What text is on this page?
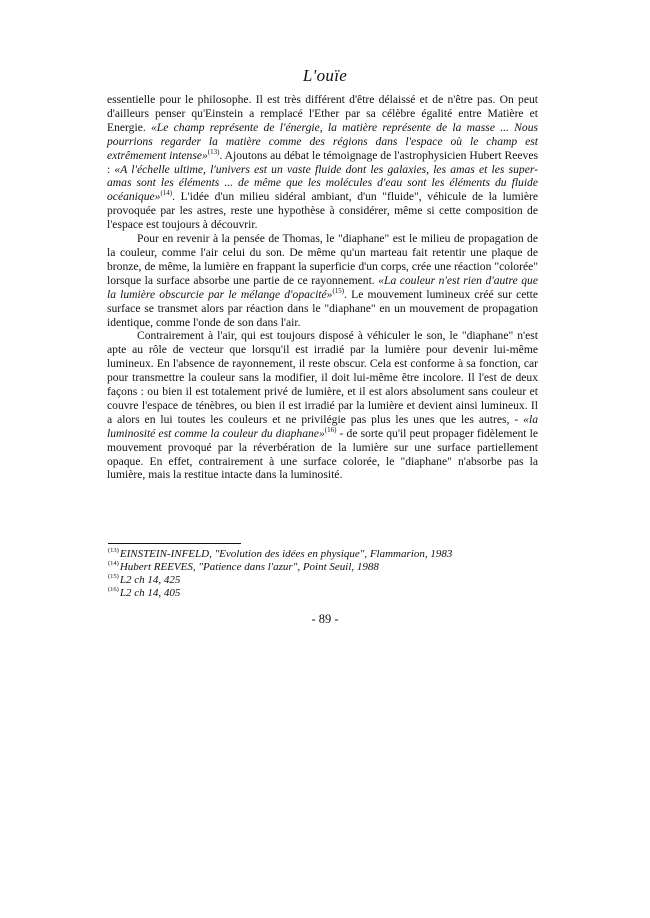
L'ouïe

essentielle pour le philosophe. Il est très différent d'être délaissé et de n'être pas. On peut d'ailleurs penser qu'Einstein a remplacé l'Ether par sa célèbre égalité entre Matière et Energie. «Le champ représente de l'énergie, la matière représente de la masse ... Nous pourrions regarder la matière comme des régions dans l'espace où le champ est extrêmement intense»$^{(13)}$. Ajoutons au débat le témoignage de l'astrophysicien Hubert Reeves : «A l'échelle ultime, l'univers est un vaste fluide dont les galaxies, les amas et les super-amas sont les éléments ... de même que les molécules d'eau sont les éléments du fluide océanique»$^{(14)}$. L'idée d'un milieu sidéral ambiant, d'un "fluide", véhicule de la lumière provoquée par les astres, reste une hypothèse à considérer, même si cette composition de l'espace est toujours à découvrir.

Pour en revenir à la pensée de Thomas, le "diaphane" est le milieu de propagation de la couleur, comme l'air celui du son. De même qu'un marteau fait retentir une plaque de bronze, de même, la lumière en frappant la superficie d'un corps, crée une réaction "colorée" lorsque la surface absorbe une partie de ce rayonnement. «La couleur n'est rien d'autre que la lumière obscurcie par le mélange d'opacité»$^{(15)}$. Le mouvement lumineux créé sur cette surface se transmet alors par réaction dans le "diaphane" en un mouvement de propagation identique, comme l'onde de son dans l'air.

Contrairement à l'air, qui est toujours disposé à véhiculer le son, le "diaphane" n'est apte au rôle de vecteur que lorsqu'il est irradié par la lumière pour devenir lui-même lumineux. En l'absence de rayonnement, il reste obscur. Cela est conforme à sa fonction, car pour transmettre la couleur sans la modifier, il doit lui-même être incolore. Il l'est de deux façons : ou bien il est totalement privé de lumière, et il est alors absolument sans couleur et couvre l'espace de ténèbres, ou bien il est irradié par la lumière et devient ainsi lumineux. Il a alors en lui toutes les couleurs et ne privilégie pas plus les unes que les autres, - «la luminosité est comme la couleur du diaphane»$^{(16)}$ - de sorte qu'il peut propager fidèlement le mouvement provoqué par la réverbération de la lumière sur une surface partiellement opaque. En effet, contrairement à une surface colorée, le "diaphane" n'absorbe pas la lumière, mais la restitue intacte dans la luminosité.

$^{(13)}$EINSTEIN-INFELD, "Evolution des idées en physique", Flammarion, 1983
$^{(14)}$Hubert REEVES, "Patience dans l'azur", Point Seuil, 1988
$^{(15)}$L2 ch 14, 425
$^{(16)}$L2 ch 14, 405
- 89 -
